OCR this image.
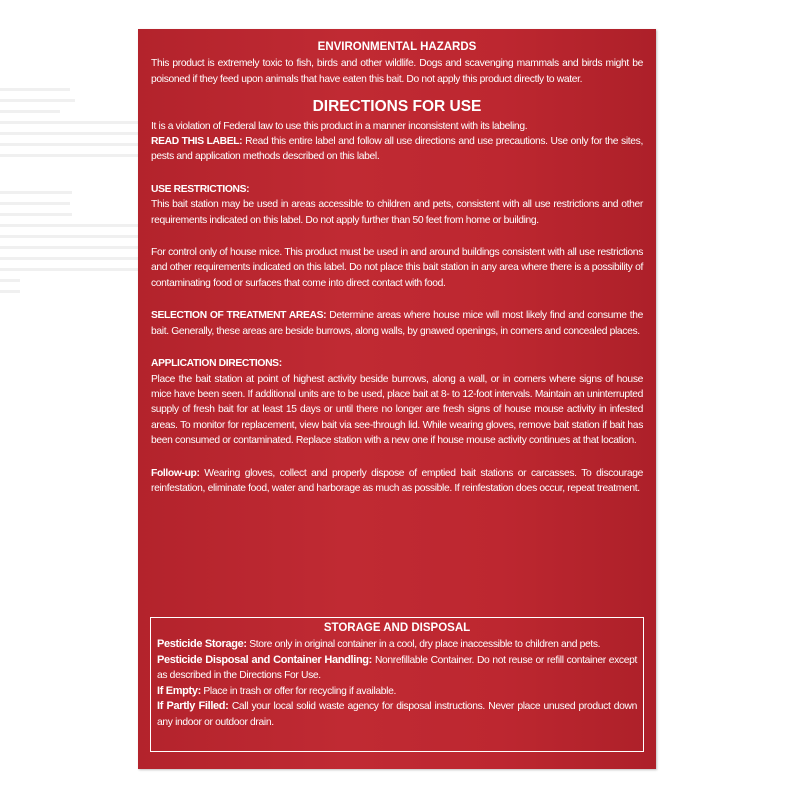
ENVIRONMENTAL HAZARDS

This product is extremely toxic to fish, birds and other wildlife. Dogs and scavenging mammals and birds might be poisoned if they feed upon animals that have eaten this bait. Do not apply this product directly to water.

DIRECTIONS FOR USE

It is a violation of Federal law to use this product in a manner inconsistent with its labeling.

READ THIS LABEL: Read this entire label and follow all use directions and use precautions. Use only for the sites, pests and application methods described on this label.

USE RESTRICTIONS:

This bait station may be used in areas accessible to children and pets, consistent with all use restrictions and other requirements indicated on this label. Do not apply further than 50 feet from home or building.

For control only of house mice. This product must be used in and around buildings consistent with all use restrictions and other requirements indicated on this label. Do not place this bait station in any area where there is a possibility of contaminating food or surfaces that come into direct contact with food.

SELECTION OF TREATMENT AREAS: Determine areas where house mice will most likely find and consume the bait. Generally, these areas are beside burrows, along walls, by gnawed openings, in corners and concealed places.

APPLICATION DIRECTIONS:

Place the bait station at point of highest activity beside burrows, along a wall, or in corners where signs of house mice have been seen. If additional units are to be used, place bait at 8- to 12-foot intervals. Maintain an uninterrupted supply of fresh bait for at least 15 days or until there no longer are fresh signs of house mouse activity in infested areas. To monitor for replacement, view bait via see-through lid. While wearing gloves, remove bait station if bait has been consumed or contaminated. Replace station with a new one if house mouse activity continues at that location.

Follow-up: Wearing gloves, collect and properly dispose of emptied bait stations or carcasses. To discourage reinfestation, eliminate food, water and harborage as much as possible. If reinfestation does occur, repeat treatment.

STORAGE AND DISPOSAL

Pesticide Storage: Store only in original container in a cool, dry place inaccessible to children and pets.

Pesticide Disposal and Container Handling: Nonrefillable Container. Do not reuse or refill container except as described in the Directions For Use.

If Empty: Place in trash or offer for recycling if available.

If Partly Filled: Call your local solid waste agency for disposal instructions. Never place unused product down any indoor or outdoor drain.
